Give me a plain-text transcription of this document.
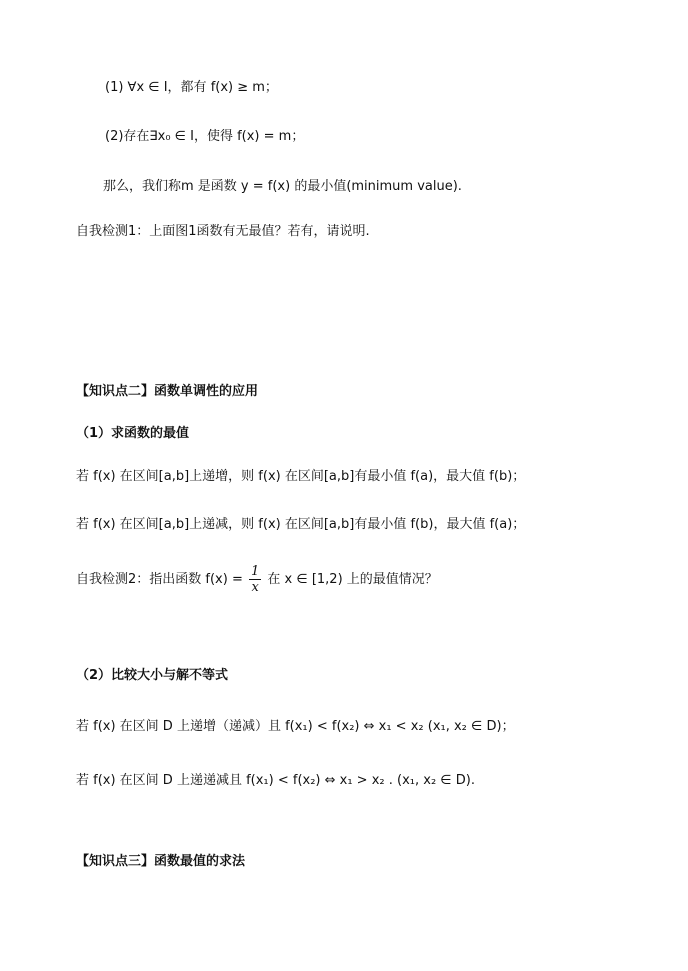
(1) ∀x ∈ I，都有 f(x) ≥ m；
(2)存在∃x₀ ∈ I，使得 f(x) = m；
那么，我们称m 是函数 y = f(x) 的最小值(minimum value).
自我检测1：上面图1函数有无最值？若有，请说明.
【知识点二】函数单调性的应用
（1）求函数的最值
若 f(x) 在区间[a,b]上递增，则 f(x) 在区间[a,b]有最小值 f(a)，最大值 f(b)；
若 f(x) 在区间[a,b]上递减，则 f(x) 在区间[a,b]有最小值 f(b)，最大值 f(a)；
自我检测2：指出函数 $f(x) = \frac{1}{x}$ 在 x ∈ [1,2) 上的最值情况？
（2）比较大小与解不等式
若 f(x) 在区间 D 上递增（递减）且 f(x₁) < f(x₂) ⇔ x₁ < x₂ (x₁, x₂ ∈ D)；
若 f(x) 在区间 D 上递递减且 f(x₁) < f(x₂) ⇔ x₁ > x₂ . (x₁, x₂ ∈ D).
【知识点三】函数最值的求法
